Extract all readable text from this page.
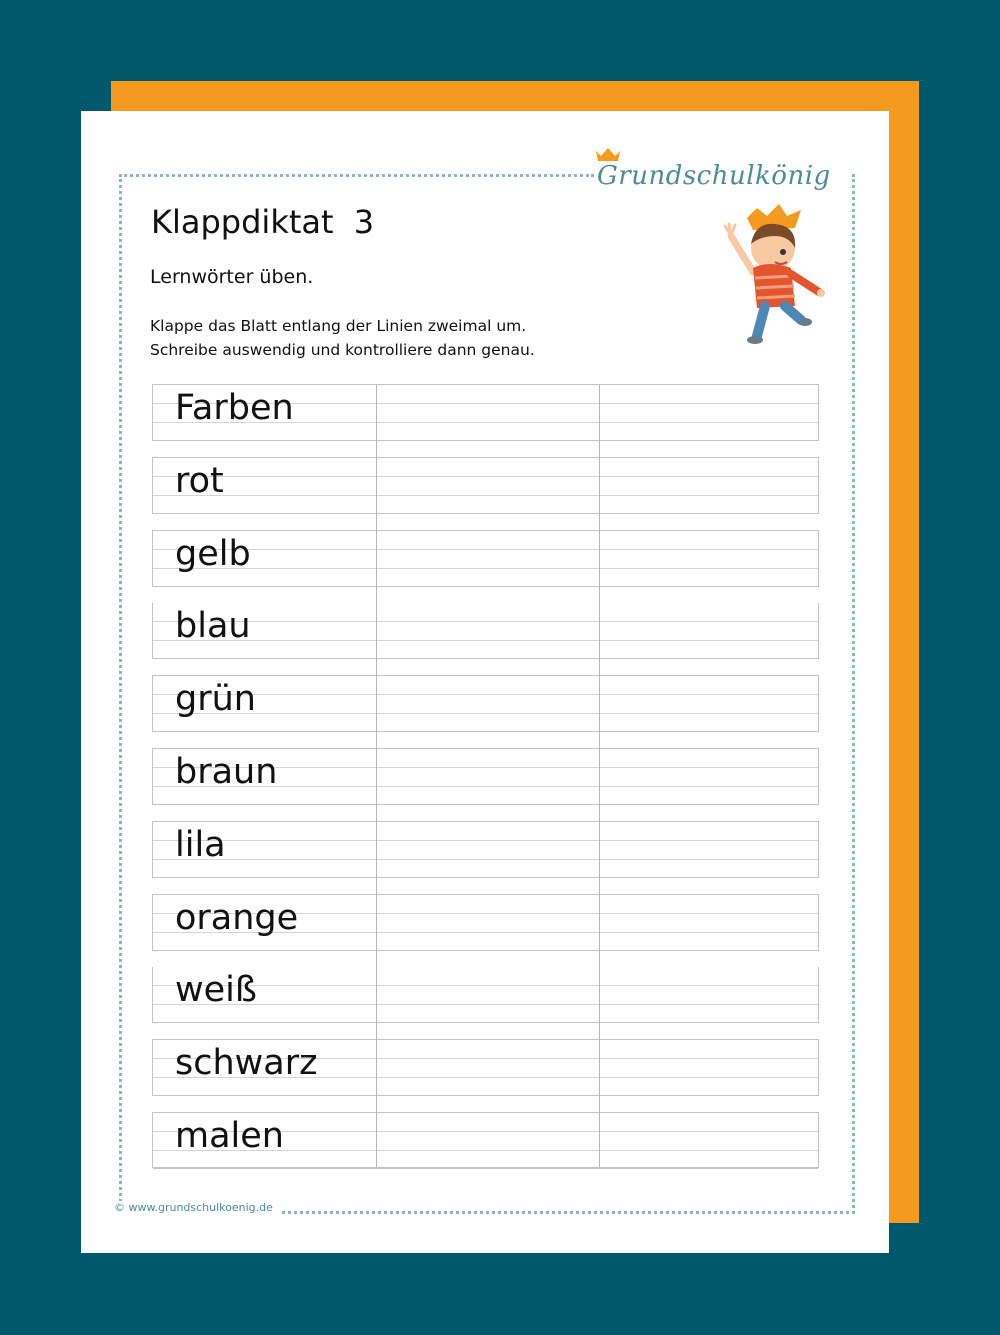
Grundschulkönig
Klappdiktat 3
Lernwörter üben.
Klappe das Blatt entlang der Linien zweimal um.
Schreibe auswendig und kontrolliere dann genau.
malen
schwarz
weiß
orange
lila
braun
grün
blau
gelb
rot
Farben
© www.grundschulkoenig.de
